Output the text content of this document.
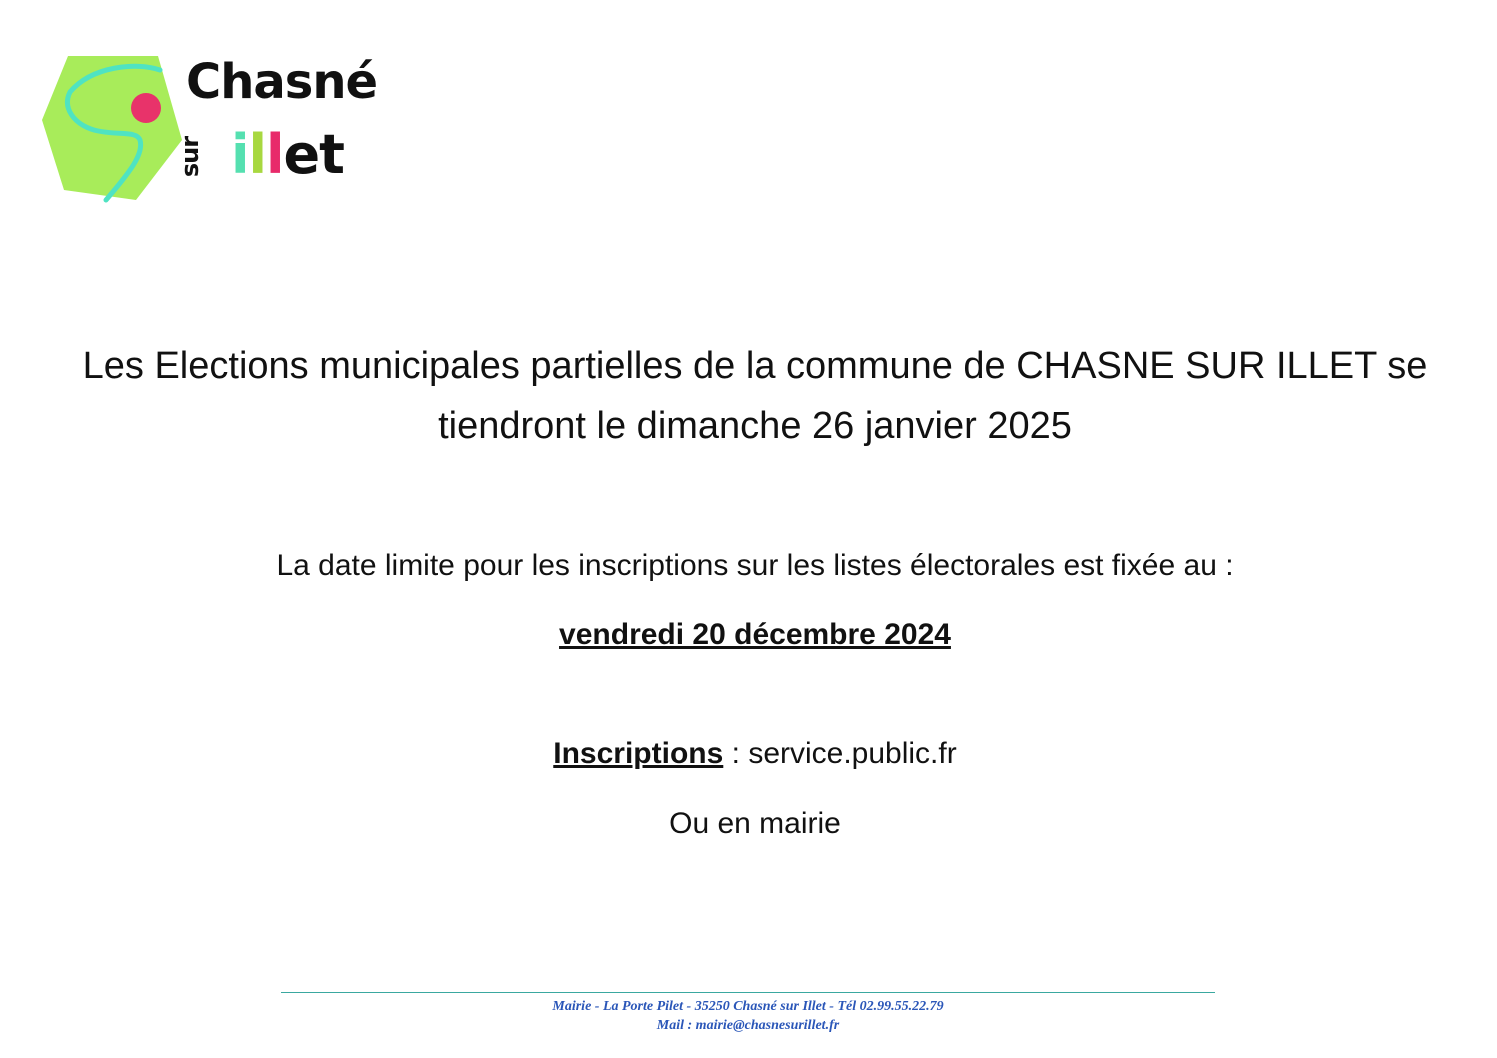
Chasné
sur illet
Les Elections municipales partielles de la commune de CHASNE SUR ILLET se tiendront le dimanche 26 janvier 2025

La date limite pour les inscriptions sur les listes électorales est fixée au :

vendredi 20 décembre 2024

Inscriptions : service.public.fr

Ou en mairie

Mairie - La Porte Pilet - 35250 Chasné sur Illet - Tél 02.99.55.22.79

Mail : mairie@chasnesurillet.fr
